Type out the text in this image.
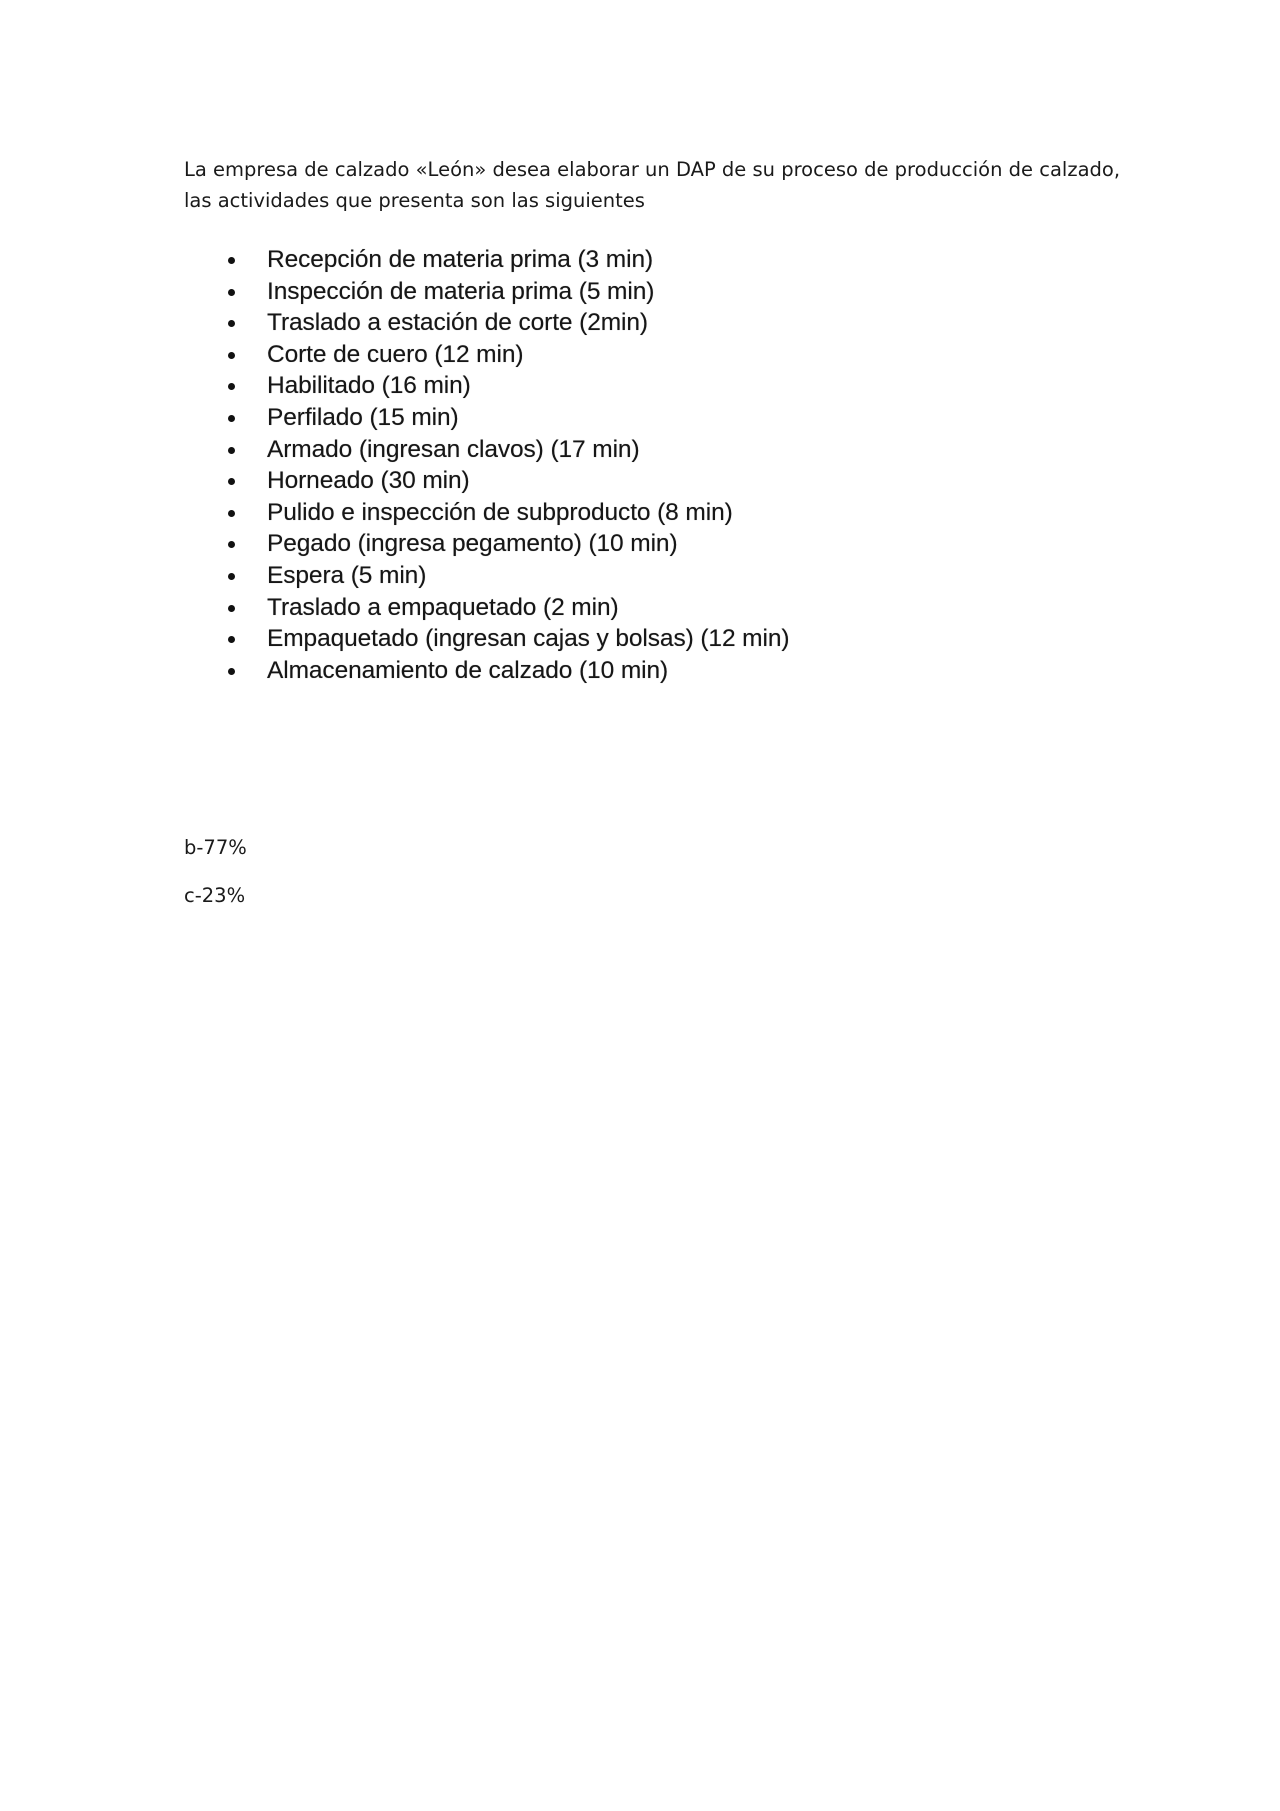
La empresa de calzado «León» desea elaborar un DAP de su proceso de producción de calzado,
las actividades que presenta son las siguientes

Recepción de materia prima (3 min)
Inspección de materia prima (5 min)
Traslado a estación de corte (2min)
Corte de cuero (12 min)
Habilitado (16 min)
Perfilado (15 min)
Armado (ingresan clavos) (17 min)
Horneado (30 min)
Pulido e inspección de subproducto (8 min)
Pegado (ingresa pegamento) (10 min)
Espera (5 min)
Traslado a empaquetado (2 min)
Empaquetado (ingresan cajas y bolsas) (12 min)
Almacenamiento de calzado (10 min)

b-77%

c-23%
